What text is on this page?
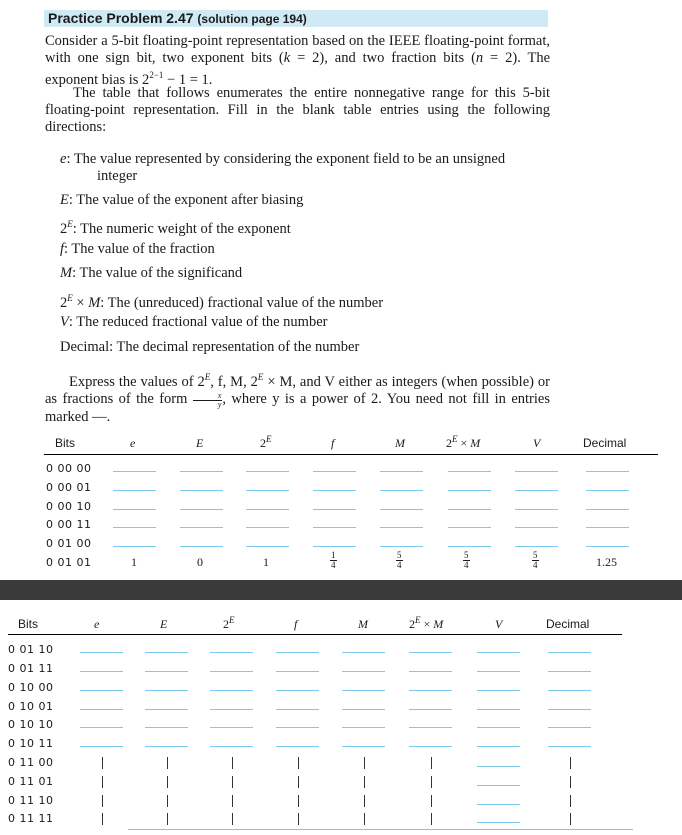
Practice Problem 2.47 (solution page 194)
Consider a 5-bit floating-point representation based on the IEEE floating-point format, with one sign bit, two exponent bits (k = 2), and two fraction bits (n = 2). The exponent bias is $2^{2-1} - 1 = 1$.
The table that follows enumerates the entire nonnegative range for this 5-bit floating-point representation. Fill in the blank table entries using the following directions:
e: The value represented by considering the exponent field to be an unsigned
integer
E: The value of the exponent after biasing
$2^E$: The numeric weight of the exponent
f: The value of the fraction
M: The value of the significand
$2^E \times M$: The (unreduced) fractional value of the number
V: The reduced fractional value of the number
Decimal: The decimal representation of the number
Express the values of $2^E$, f, M, $2^E \times M$, and V either as integers (when possible) or as fractions of the form $\frac{x}{y}$ , where y is a power of 2. You need not fill in entries marked —.
Bits	e	E	$2^E$	f	M	$2^E \times M$	V	Decimal
0 00 00
0 00 01
0 00 10
0 00 11
0 01 00
0 01 01	1	0	1	$\frac{1}{4}$	$\frac{5}{4}$	$\frac{5}{4}$	$\frac{5}{4}$	1.25
Bits	e	E	$2^E$	f	M	$2^E \times M$	V	Decimal
0 01 10
0 01 11
0 10 00
0 10 01
0 10 10
0 10 11
0 11 00
0 11 01
0 11 10
0 11 11
